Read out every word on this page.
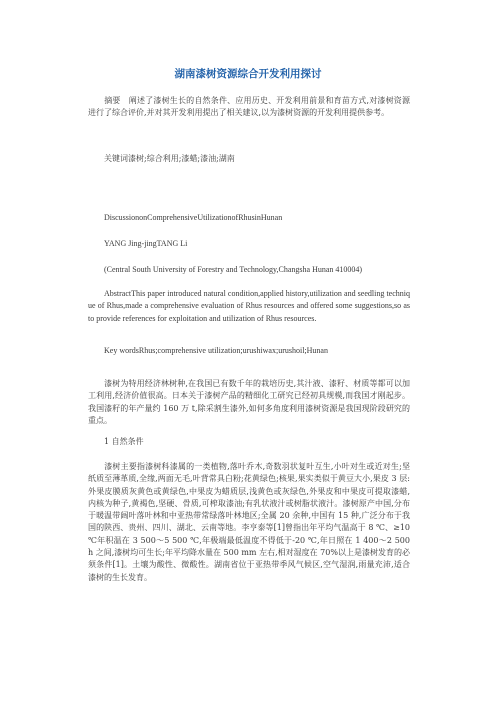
湖南漆树资源综合开发利用探讨

摘要　阐述了漆树生长的自然条件、应用历史、开发利用前景和育苗方式,对漆树资源进行了综合评价,并对其开发利用提出了相关建议,以为漆树资源的开发利用提供参考。

关键词漆树;综合利用;漆蜡;漆油;湖南

DiscussiononComprehensiveUtilizationofRhusinHunan

YANG Jing-jingTANG Li

(Central South University of Forestry and Technology,Changsha Hunan 410004)

AbstractThis paper introduced natural condition,applied history,utilization and seedling technique of Rhus,made a comprehensive evaluation of Rhus resources and offered some suggestions,so as to provide references for exploitation and utilization of Rhus resources.

Key wordsRhus;comprehensive utilization;urushiwax;urushoil;Hunan

漆树为特用经济林树种,在我国已有数千年的栽培历史,其汁液、漆籽、材质等都可以加工利用,经济价值很高。日本关于漆树产品的精细化工研究已经初具规模,而我国才刚起步。我国漆籽的年产量约 160 万 t,除采割生漆外,如何多角度利用漆树资源是我国现阶段研究的重点。

1 自然条件

漆树主要指漆树科漆属的一类植物,落叶乔木,奇数羽状复叶互生,小叶对生或近对生;坚纸质至薄革质,全缘,两面无毛,叶背常具白粉;花黄绿色;核果,果实类似于黄豆大小,果皮 3 层:外果皮膜质灰黄色或黄绿色,中果皮为蜡质层,浅黄色或灰绿色,外果皮和中果皮可提取漆蜡,内核为种子,黄褐色,坚硬、骨质,可榨取漆油;有乳状液汁或树脂状液汁。漆树原产中国,分布于暖温带阔叶落叶林和中亚热带常绿落叶林地区;全属 20 余种,中国有 15 种,广泛分布于我国的陕西、贵州、四川、湖北、云南等地。李亨泰等[1]曾指出年平均气温高于 8 ℃、≥10 ℃年积温在 3 500～5 500 ℃,年极端最低温度不得低于-20 ℃,年日照在 1 400～2 500 h 之间,漆树均可生长;年平均降水量在 500 mm 左右,相对湿度在 70%以上是漆树发育的必须条件[1]。土壤为酸性、微酸性。湖南省位于亚热带季风气候区,空气湿润,雨量充沛,适合漆树的生长发育。
